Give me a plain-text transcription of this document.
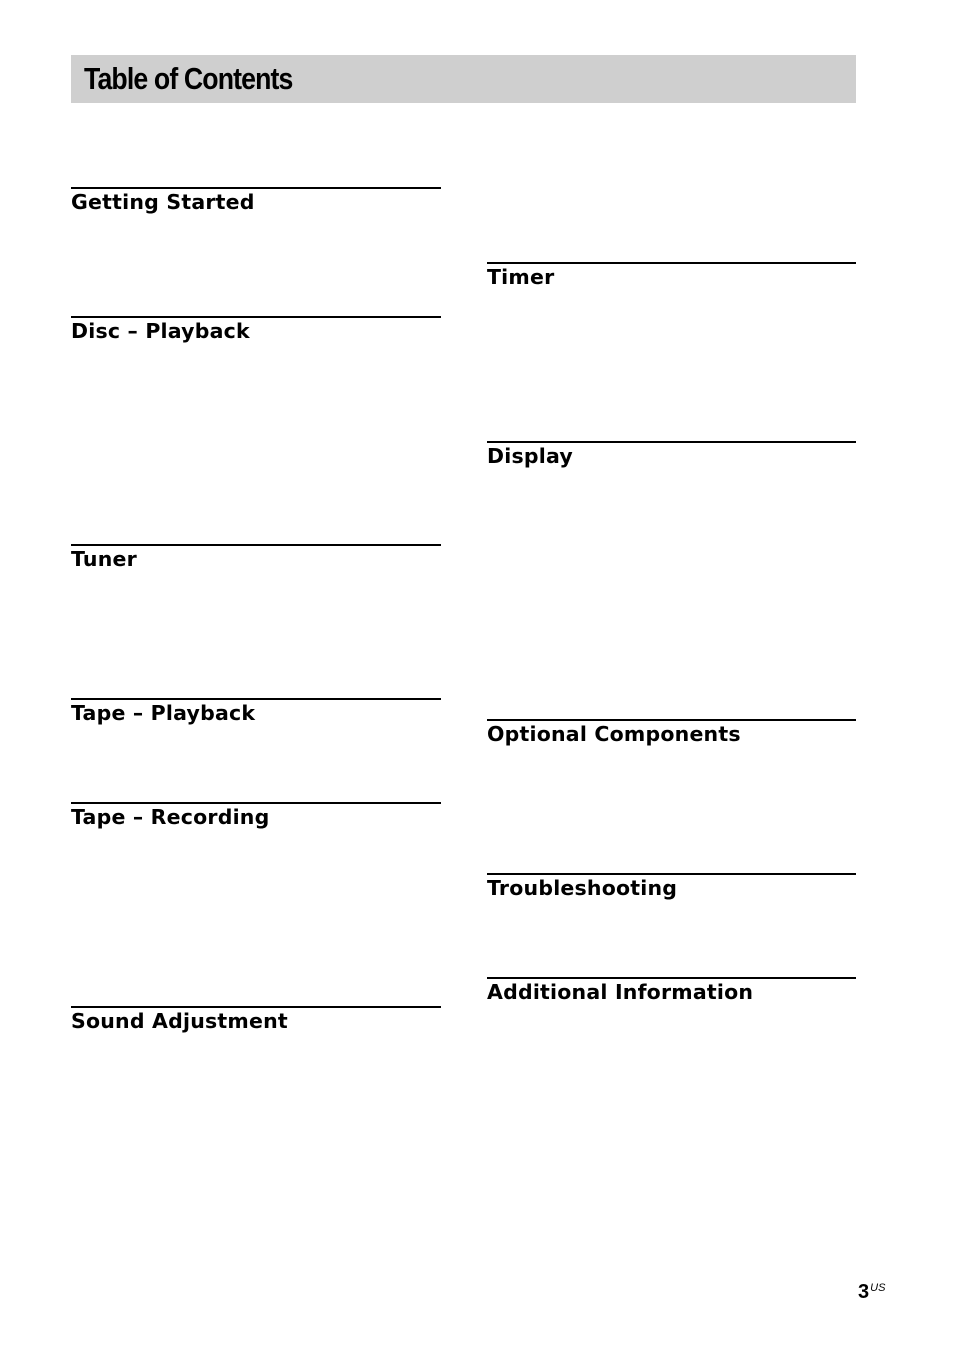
Table of Contents
Getting Started
Disc – Playback
Tuner
Tape – Playback
Tape – Recording
Sound Adjustment
Timer
Display
Optional Components
Troubleshooting
Additional Information
$3^{US}$
